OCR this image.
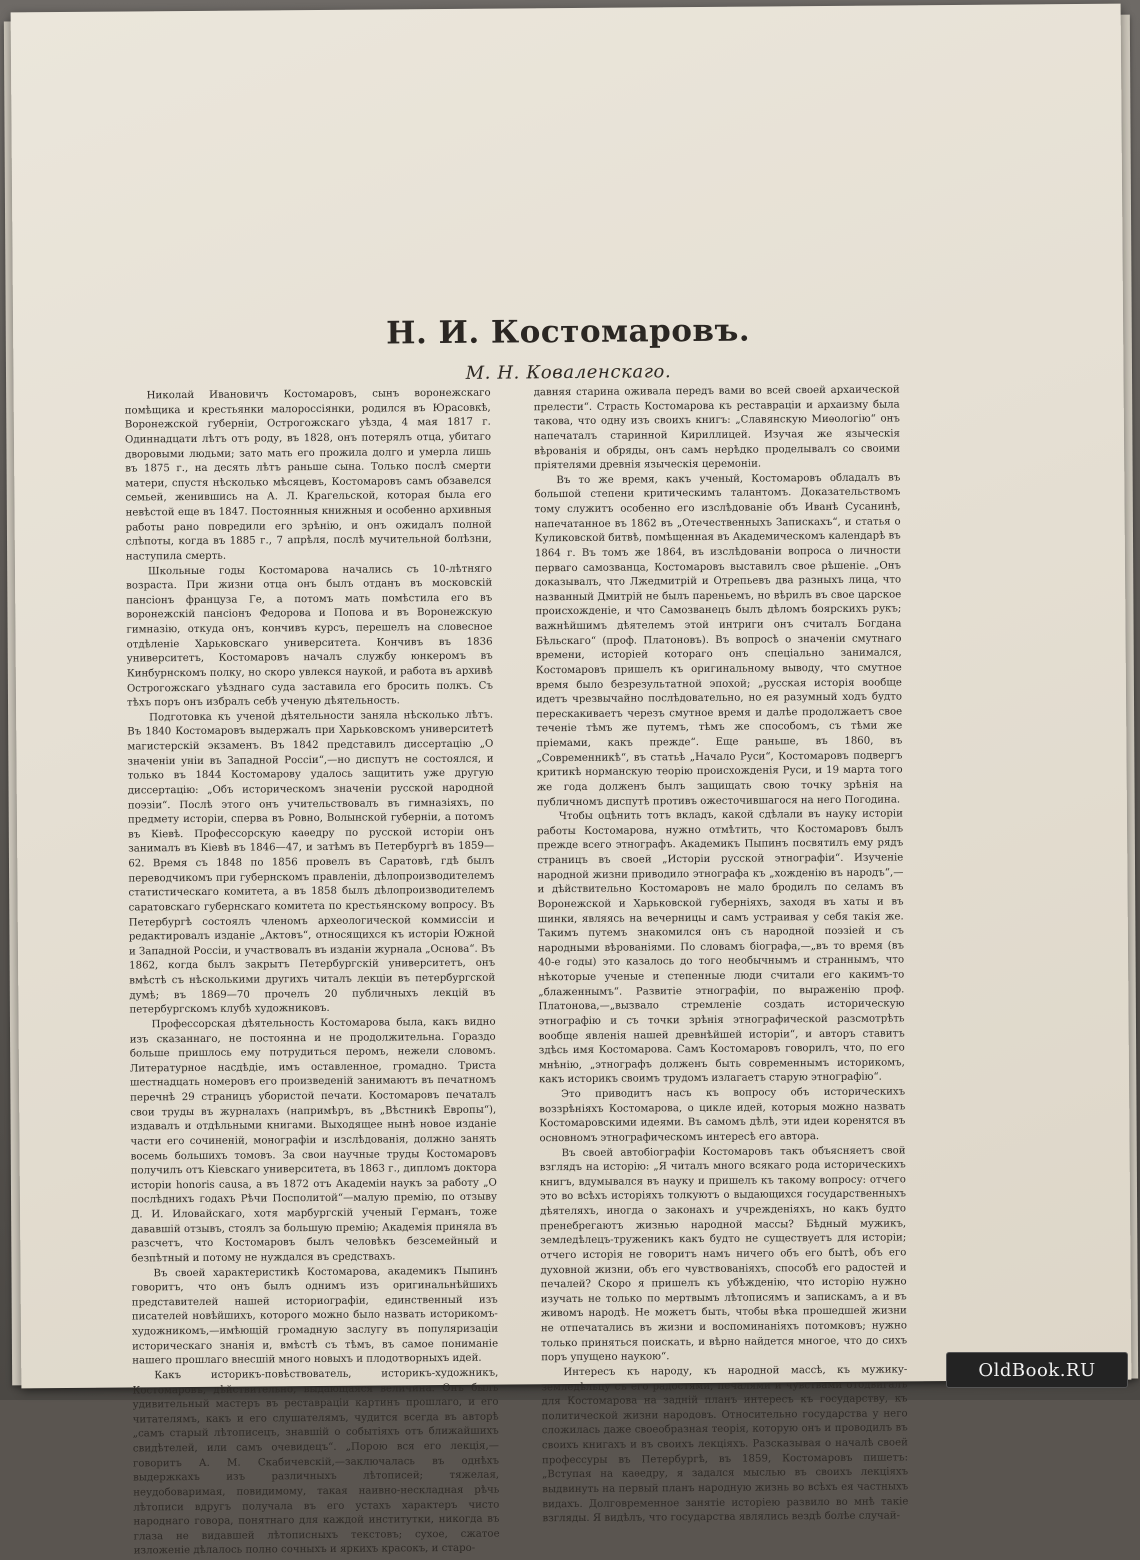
Н. И. Костомаровъ.
М. Н. Коваленскаго.

Николай Ивановичъ Костомаровъ, сынъ воронежскаго помѣщика и крестьянки малороссіянки, родился въ Юрасовкѣ, Воронежской губерніи, Острогожскаго уѣзда, 4 мая 1817 г. Одиннадцати лѣтъ отъ роду, въ 1828, онъ потерялъ отца, убитаго дворовыми людьми; зато мать его прожила долго и умерла лишь въ 1875 г., на десять лѣтъ раньше сына. Только послѣ смерти матери, спустя нѣсколько мѣсяцевъ, Костомаровъ самъ обзавелся семьей, женившись на А. Л. Крагельской, которая была его невѣстой еще въ 1847. Постоянныя книжныя и особенно архивныя работы рано повредили его зрѣнію, и онъ ожидалъ полной слѣпоты, когда въ 1885 г., 7 апрѣля, послѣ мучительной болѣзни, наступила смерть.

Школьные годы Костомарова начались съ 10-лѣтняго возраста. При жизни отца онъ былъ отданъ въ московскій пансіонъ француза Ге, а потомъ мать помѣстила его въ воронежскій пансіонъ Федорова и Попова и въ Воронежскую гимназію, откуда онъ, кончивъ курсъ, перешелъ на словесное отдѣленіе Харьковскаго университета. Кончивъ въ 1836 университетъ, Костомаровъ началъ службу юнкеромъ въ Кинбурнскомъ полку, но скоро увлекся наукой, и работа въ архивѣ Острогожскаго уѣзднаго суда заставила его бросить полкъ. Съ тѣхъ поръ онъ избралъ себѣ ученую дѣятельность.

Подготовка къ ученой дѣятельности заняла нѣсколько лѣтъ. Въ 1840 Костомаровъ выдержалъ при Харьковскомъ университетѣ магистерскій экзаменъ. Въ 1842 представилъ диссертацію „О значеніи уніи въ Западной Россіи“,—но диспутъ не состоялся, и только въ 1844 Костомарову удалось защитить уже другую диссертацію: „Объ историческомъ значеніи русской народной поэзіи“. Послѣ этого онъ учительствовалъ въ гимназіяхъ, по предмету исторіи, сперва въ Ровно, Волынской губерніи, а потомъ въ Кіевѣ. Профессорскую каѳедру по русской исторіи онъ занималъ въ Кіевѣ въ 1846—47, и затѣмъ въ Петербургѣ въ 1859—62. Время съ 1848 по 1856 провелъ въ Саратовѣ, гдѣ былъ переводчикомъ при губернскомъ правленіи, дѣлопроизводителемъ статистическаго комитета, а въ 1858 былъ дѣлопроизводителемъ саратовскаго губернскаго комитета по крестьянскому вопросу. Въ Петербургѣ состоялъ членомъ археологической коммиссіи и редактировалъ изданіе „Актовъ“, относящихся къ исторіи Южной и Западной Россіи, и участвовалъ въ изданіи журнала „Основа“. Въ 1862, когда былъ закрытъ Петербургскій университетъ, онъ вмѣстѣ съ нѣсколькими другихъ читалъ лекціи въ петербургской думѣ; въ 1869—70 прочелъ 20 публичныхъ лекцій въ петербургскомъ клубѣ художниковъ.

Профессорская дѣятельность Костомарова была, какъ видно изъ сказаннаго, не постоянна и не продолжительна. Гораздо больше пришлось ему потрудиться перомъ, нежели словомъ. Литературное насдѣдіе, имъ оставленное, громадно. Триста шестнадцать номеровъ его произведеній занимаютъ въ печатномъ перечнѣ 29 страницъ убористой печати. Костомаровъ печаталъ свои труды въ журналахъ (напримѣръ, въ „Вѣстникѣ Европы“), издавалъ и отдѣльными книгами. Выходящее нынѣ новое изданіе части его сочиненій, монографіи и изслѣдованія, должно занять восемь большихъ томовъ. За свои научные труды Костомаровъ получилъ отъ Кіевскаго университета, въ 1863 г., дипломъ доктора исторіи honoris causa, а въ 1872 отъ Академіи наукъ за работу „О послѣднихъ годахъ Рѣчи Посполитой“—малую премію, по отзыву Д. И. Иловайскаго, хотя марбургскій ученый Германъ, тоже дававшій отзывъ, стоялъ за большую премію; Академія приняла въ разсчетъ, что Костомаровъ былъ человѣкъ безсемейный и безпѣтный и потому не нуждался въ средствахъ.

Въ своей характеристикѣ Костомарова, академикъ Пыпинъ говоритъ, что онъ былъ однимъ изъ оригинальнѣйшихъ представителей нашей историографіи, единственный изъ писателей новѣйшихъ, которого можно было назвать историкомъ-художникомъ,—имѣющій громадную заслугу въ популяризаціи историческаго знанія и, вмѣстѣ съ тѣмъ, въ самое пониманіе нашего прошлаго внесшій много новыхъ и плодотворныхъ идей.

Какъ историкъ-повѣствователь, историкъ-художникъ, Костомаровъ, дѣйствительно, выдающаяся величина. Онъ былъ удивительный мастеръ въ реставраціи картинъ прошлаго, и его читателямъ, какъ и его слушателямъ, чудится всегда въ авторѣ „самъ старый лѣтописецъ, знавшій о событіяхъ отъ ближайшихъ свидѣтелей, или самъ очевидецъ“. „Порою вся его лекція,—говоритъ А. М. Скабичевскій,—заключалась въ однѣхъ выдержкахъ изъ различныхъ лѣтописей; тяжелая, неудобоваримая, повидимому, такая наивно-нескладная рѣчь лѣтописи вдругъ получала въ его устахъ характеръ чисто народнаго говора, понятнаго для каждой институтки, никогда въ глаза не видавшей лѣтописныхъ текстовъ; сухое, сжатое изложеніе дѣлалось полно сочныхъ и яркихъ красокъ, и старо-

давняя старина оживала передъ вами во всей своей архаической прелести“. Страсть Костомарова къ реставраціи и архаизму была такова, что одну изъ своихъ книгъ: „Славянскую Миѳологію“ онъ напечаталъ старинной Кириллицей. Изучая же языческія вѣрованія и обряды, онъ самъ нерѣдко проделывалъ со своими пріятелями древнія языческія церемоніи.

Въ то же время, какъ ученый, Костомаровъ обладалъ въ большой степени критическимъ талантомъ. Доказательствомъ тому служитъ особенно его изслѣдованіе объ Иванѣ Сусанинѣ, напечатанное въ 1862 въ „Отечественныхъ Запискахъ“, и статья о Куликовской битвѣ, помѣщенная въ Академическомъ календарѣ въ 1864 г. Въ томъ же 1864, въ изслѣдованіи вопроса о личности перваго самозванца, Костомаровъ выставилъ свое рѣшеніе. „Онъ доказывалъ, что Лжедмитрій и Отрепьевъ два разныхъ лица, что названный Дмитрій не былъ пареньемъ, но вѣрилъ въ свое царское происхожденіе, и что Самозванецъ былъ дѣломъ боярскихъ рукъ; важнѣйшимъ дѣятелемъ этой интриги онъ считалъ Богдана Бѣльскаго“ (проф. Платоновъ). Въ вопросѣ о значеніи смутнаго времени, исторіей котораго онъ спеціально занимался, Костомаровъ пришелъ къ оригинальному выводу, что смутное время было безрезультатной эпохой; „русская исторія вообще идетъ чрезвычайно послѣдовательно, но ея разумный ходъ будто перескакиваетъ черезъ смутное время и далѣе продолжаетъ свое теченіе тѣмъ же путемъ, тѣмъ же способомъ, съ тѣми же пріемами, какъ прежде“. Еще раньше, въ 1860, въ „Современникѣ“, въ статьѣ „Начало Руси“, Костомаровъ подвергъ критикѣ норманскую теорію происхожденія Руси, и 19 марта того же года долженъ былъ защищать свою точку зрѣнія на публичномъ диспутѣ противъ ожесточившагося на него Погодина.

Чтобы оцѣнить тотъ вкладъ, какой сдѣлали въ науку исторіи работы Костомарова, нужно отмѣтить, что Костомаровъ былъ прежде всего этнографъ. Академикъ Пыпинъ посвятилъ ему рядъ страницъ въ своей „Исторіи русской этнографіи“. Изученіе народной жизни приводило этнографа къ „хожденію въ народъ“,—и дѣйствительно Костомаровъ не мало бродилъ по селамъ въ Воронежской и Харьковской губерніяхъ, заходя въ хаты и въ шинки, являясь на вечерницы и самъ устраивая у себя такія же. Такимъ путемъ знакомился онъ съ народной поэзіей и съ народными вѣрованіями. По словамъ біографа,—„въ то время (въ 40-е годы) это казалось до того необычнымъ и страннымъ, что нѣкоторые ученые и степенные люди считали его какимъ-то „блаженнымъ“. Развитіе этнографіи, по выраженію проф. Платонова,—„вызвало стремленіе создать историческую этнографію и съ точки зрѣнія этнографической разсмотрѣть вообще явленія нашей древнѣйшей исторіи“, и авторъ ставитъ здѣсь имя Костомарова. Самъ Костомаровъ говорилъ, что, по его мнѣнію, „этнографъ долженъ быть современнымъ историкомъ, какъ историкъ своимъ трудомъ излагаетъ старую этнографію“.

Это приводитъ насъ къ вопросу объ историческихъ воззрѣніяхъ Костомарова, о цикле идей, которыя можно назвать Костомаровскими идеями. Въ самомъ дѣлѣ, эти идеи коренятся въ основномъ этнографическомъ интересѣ его автора.

Въ своей автобіографіи Костомаровъ такъ объясняетъ свой взглядъ на исторію: „Я читалъ много всякаго рода историческихъ книгъ, вдумывался въ науку и пришелъ къ такому вопросу: отчего это во всѣхъ исторіяхъ толкуютъ о выдающихся государственныхъ дѣятеляхъ, иногда о законахъ и учрежденіяхъ, но какъ будто пренебрегаютъ жизнью народной массы? Бѣдный мужикъ, земледѣлецъ-труженикъ какъ будто не существуетъ для исторіи; отчего исторія не говоритъ намъ ничего объ его бытѣ, объ его духовной жизни, объ его чувствованіяхъ, способѣ его радостей и печалей? Скоро я пришелъ къ убѣжденію, что исторію нужно изучать не только по мертвымъ лѣтописямъ и запискамъ, а и въ живомъ народѣ. Не можетъ быть, чтобы вѣка прошедшей жизни не отпечатались въ жизни и воспоминаніяхъ потомковъ; нужно только приняться поискать, и вѣрно найдется многое, что до сихъ поръ упущено наукою“.

Интересъ къ народу, къ народной массѣ, къ мужику-земледѣльцу съ его радостями, печалями и чувствами отодвигалъ для Костомарова на задній планъ интересъ къ государству, къ политической жизни народовъ. Относительно государства у него сложилась даже своеобразная теорія, которую онъ и проводилъ въ своихъ книгахъ и въ своихъ лекціяхъ. Разсказывая о началѣ своей профессуры въ Петербургѣ, въ 1859, Костомаровъ пишетъ: „Вступая на каѳедру, я задался мыслью въ своихъ лекціяхъ выдвинуть на первый планъ народную жизнь во всѣхъ ея частныхъ видахъ. Долговременное занятіе исторіею развило во мнѣ такіе взгляды. Я видѣлъ, что государства являлись вездѣ болѣе случай-

OldBook.RU
